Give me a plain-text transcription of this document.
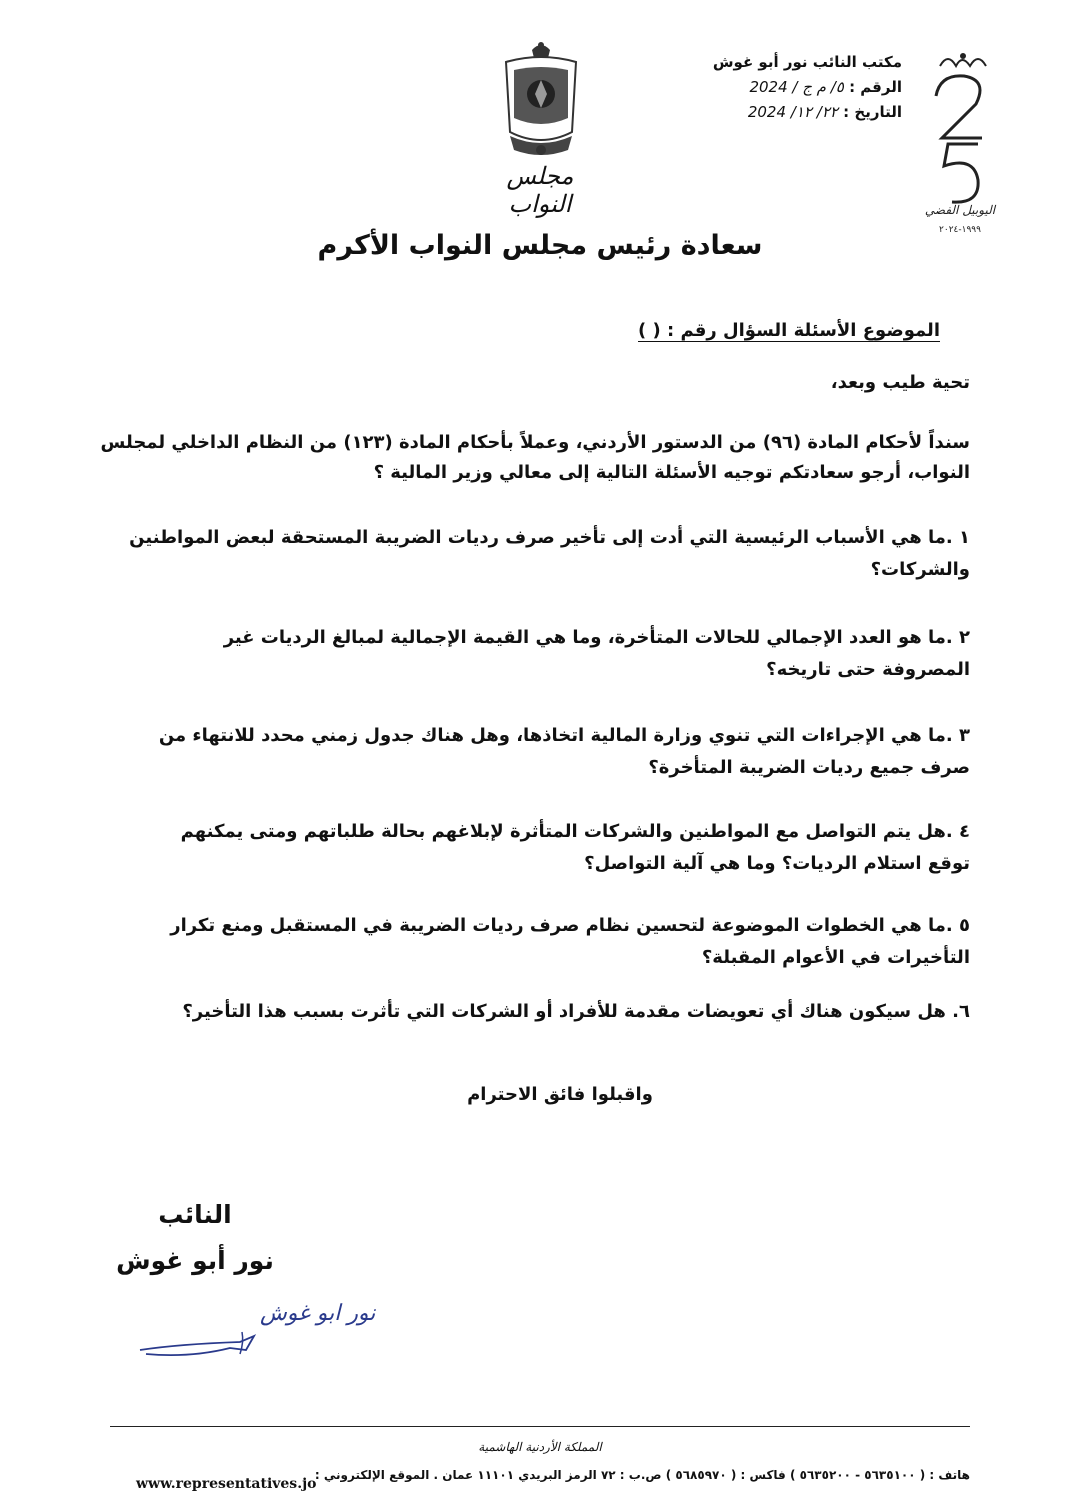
مكتب النائب نور أبو غوش
الرقم : ٥/ م ج / 2024
التاريخ : ٢٢/ ١٢/ 2024
اليوبيل الفضي
١٩٩٩-٢٠٢٤
مجلس النواب
سعادة رئيس مجلس النواب الأكرم
الموضوع الأسئلة السؤال رقم : ( )
تحية طيب وبعد،
سنداً لأحكام المادة (٩٦) من الدستور الأردني، وعملاً بأحكام المادة (١٢٣) من النظام الداخلي لمجلس النواب، أرجو سعادتكم توجيه الأسئلة التالية إلى معالي وزير المالية ؟
١ .ما هي الأسباب الرئيسية التي أدت إلى تأخير صرف رديات الضريبة المستحقة لبعض المواطنين والشركات؟
٢ .ما هو العدد الإجمالي للحالات المتأخرة، وما هي القيمة الإجمالية لمبالغ الرديات غير المصروفة حتى تاريخه؟
٣ .ما هي الإجراءات التي تنوي وزارة المالية اتخاذها، وهل هناك جدول زمني محدد للانتهاء من صرف جميع رديات الضريبة المتأخرة؟
٤ .هل يتم التواصل مع المواطنين والشركات المتأثرة لإبلاغهم بحالة طلباتهم ومتى يمكنهم توقع استلام الرديات؟ وما هي آلية التواصل؟
٥ .ما هي الخطوات الموضوعة لتحسين نظام صرف رديات الضريبة في المستقبل ومنع تكرار التأخيرات في الأعوام المقبلة؟
٦. هل سيكون هناك أي تعويضات مقدمة للأفراد أو الشركات التي تأثرت بسبب هذا التأخير؟
واقبلوا فائق الاحترام
النائب
نور أبو غوش
نور ابو غوش
المملكة الأردنية الهاشمية
هاتف : ( ٥٦٣٥١٠٠ - ٥٦٣٥٢٠٠ ) فاكس : ( ٥٦٨٥٩٧٠ ) ص.ب : ٧٢ الرمز البريدي ١١١٠١ عمان . الموقع الإلكتروني :
www.representatives.jo
